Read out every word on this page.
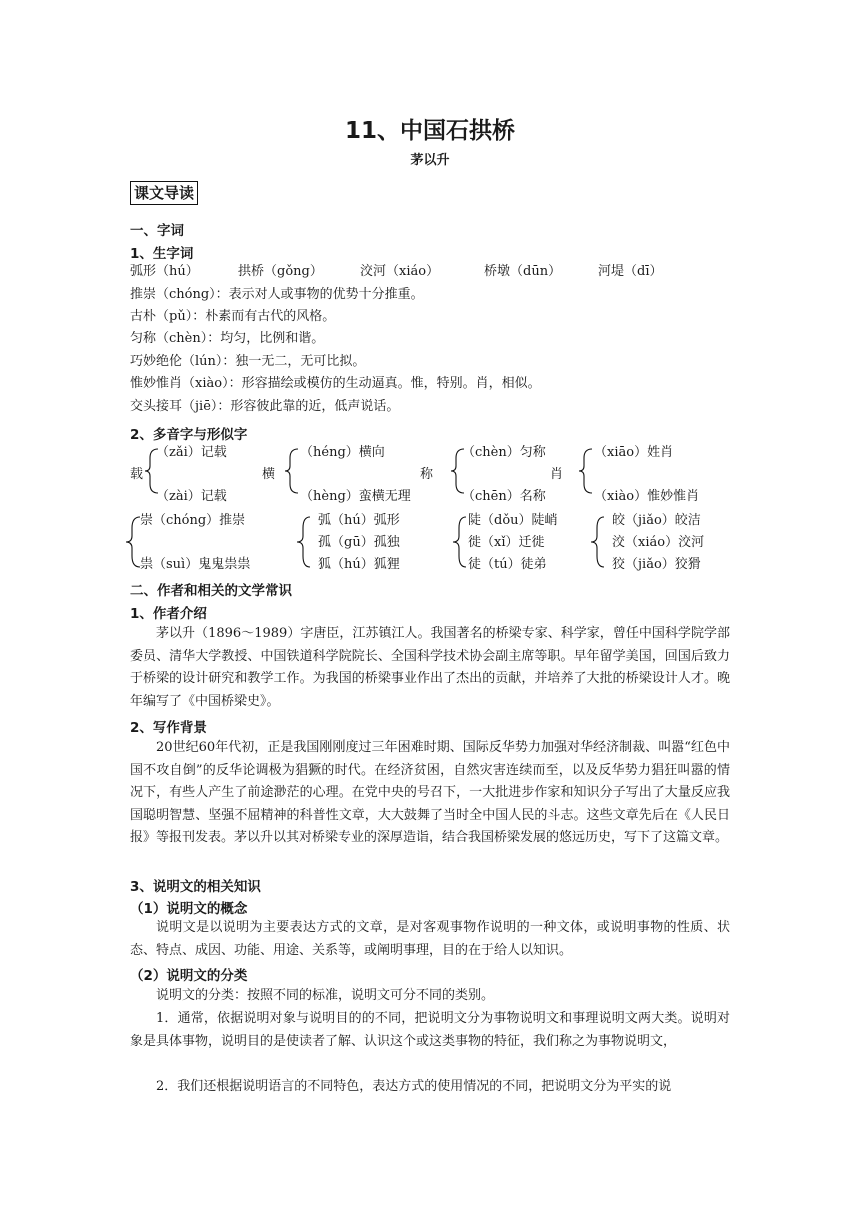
11、中国石拱桥
茅以升
课文导读
一、字词
1、生字词
弧形（hú）	拱桥（gǒng）	洨河（xiáo）	桥墩（dūn）	河堤（dī）
推崇（chóng）：表示对人或事物的优势十分推重。
古朴（pǔ）：朴素而有古代的风格。
匀称（chèn）：均匀，比例和谐。
巧妙绝伦（lún）：独一无二，无可比拟。
惟妙惟肖（xiào）：形容描绘或模仿的生动逼真。惟，特别。肖，相似。
交头接耳（jiē）：形容彼此靠的近，低声说话。
2、多音字与形似字
载
（zǎi）记载
（zài）记载
横
（héng）横向
（hèng）蛮横无理
称
（chèn）匀称
（chēn）名称
肖
（xiāo）姓肖
（xiào）惟妙惟肖
崇（chóng）推崇
祟（suì）鬼鬼祟祟
弧（hú）弧形
孤（gū）孤独
狐（hú）狐狸
陡（dǒu）陡峭
徙（xǐ）迁徙
徒（tú）徒弟
皎（jiǎo）皎洁
洨（xiáo）洨河
狡（jiǎo）狡猾
二、作者和相关的文学常识
1、作者介绍
茅以升（1896～1989）字唐臣，江苏镇江人。我国著名的桥梁专家、科学家，曾任中国科学院学部委员、清华大学教授、中国铁道科学院院长、全国科学技术协会副主席等职。早年留学美国，回国后致力于桥梁的设计研究和教学工作。为我国的桥梁事业作出了杰出的贡献，并培养了大批的桥梁设计人才。晚年编写了《中国桥梁史》。
2、写作背景
20世纪60年代初，正是我国刚刚度过三年困难时期、国际反华势力加强对华经济制裁、叫嚣“红色中国不攻自倒”的反华论调极为猖獗的时代。在经济贫困，自然灾害连续而至，以及反华势力猖狂叫嚣的情况下，有些人产生了前途渺茫的心理。在党中央的号召下，一大批进步作家和知识分子写出了大量反应我国聪明智慧、坚强不屈精神的科普性文章，大大鼓舞了当时全中国人民的斗志。这些文章先后在《人民日报》等报刊发表。茅以升以其对桥梁专业的深厚造诣，结合我国桥梁发展的悠远历史，写下了这篇文章。
3、说明文的相关知识
（1）说明文的概念
说明文是以说明为主要表达方式的文章，是对客观事物作说明的一种文体，或说明事物的性质、状态、特点、成因、功能、用途、关系等，或阐明事理，目的在于给人以知识。
（2）说明文的分类
说明文的分类：按照不同的标准，说明文可分不同的类别。
1．通常，依据说明对象与说明目的的不同，把说明文分为事物说明文和事理说明文两大类。说明对象是具体事物，说明目的是使读者了解、认识这个或这类事物的特征，我们称之为事物说明文，
2．我们还根据说明语言的不同特色，表达方式的使用情况的不同，把说明文分为平实的说
